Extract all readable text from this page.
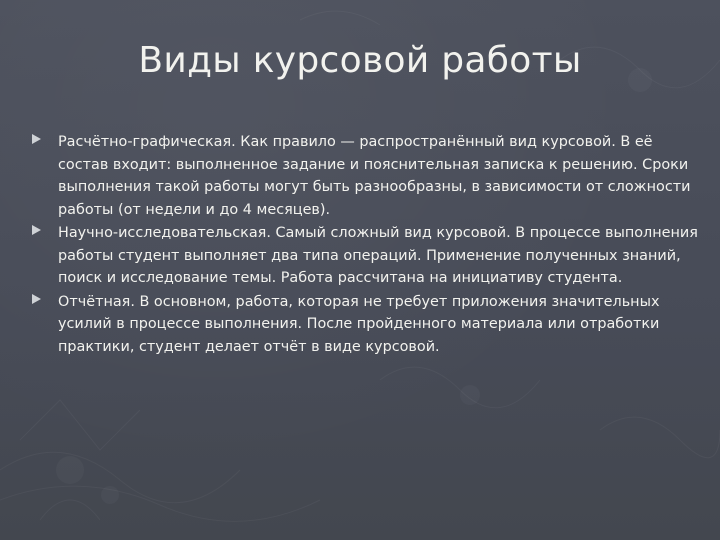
Виды курсовой работы
Расчётно-графическая. Как правило — распространённый вид курсовой. В её состав входит: выполненное задание и пояснительная записка к решению. Сроки выполнения такой работы могут быть разнообразны, в зависимости от сложности работы (от недели и до 4 месяцев).
Научно-исследовательская. Самый сложный вид курсовой. В процессе выполнения работы студент выполняет два типа операций. Применение полученных знаний, поиск и исследование темы. Работа рассчитана на инициативу студента.
Отчётная. В основном, работа, которая не требует приложения значительных усилий в процессе выполнения. После пройденного материала или отработки практики, студент делает отчёт в виде курсовой.
